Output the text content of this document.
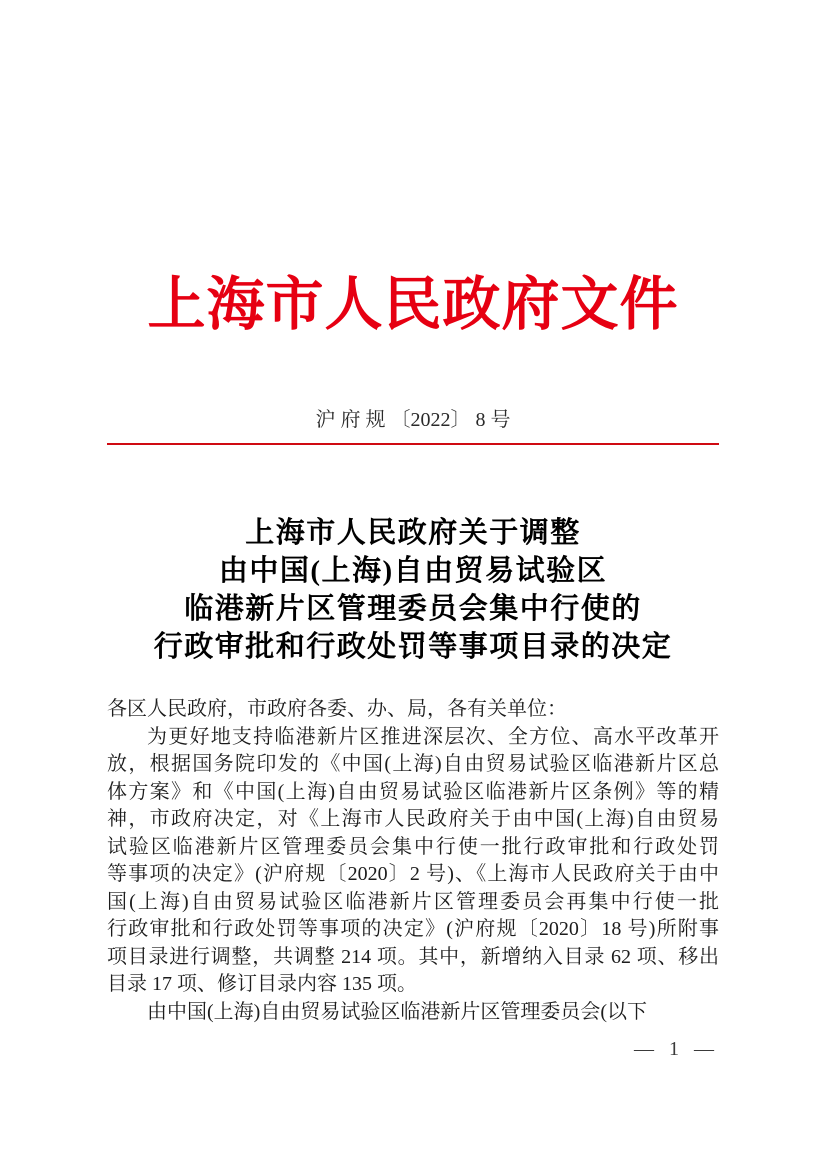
上海市人民政府文件
沪 府 规 〔2022〕 8 号
上海市人民政府关于调整
由中国(上海)自由贸易试验区
临港新片区管理委员会集中行使的
行政审批和行政处罚等事项目录的决定
各区人民政府，市政府各委、办、局，各有关单位：
为更好地支持临港新片区推进深层次、全方位、高水平改革开
放，根据国务院印发的《中国(上海)自由贸易试验区临港新片区总
体方案》和《中国(上海)自由贸易试验区临港新片区条例》等的精
神，市政府决定，对《上海市人民政府关于由中国(上海)自由贸易
试验区临港新片区管理委员会集中行使一批行政审批和行政处罚
等事项的决定》(沪府规〔2020〕2 号)、《上海市人民政府关于由中
国(上海)自由贸易试验区临港新片区管理委员会再集中行使一批
行政审批和行政处罚等事项的决定》(沪府规〔2020〕18 号)所附事
项目录进行调整，共调整 214 项。其中，新增纳入目录 62 项、移出
目录 17 项、修订目录内容 135 项。
由中国(上海)自由贸易试验区临港新片区管理委员会(以下
— 1 —
